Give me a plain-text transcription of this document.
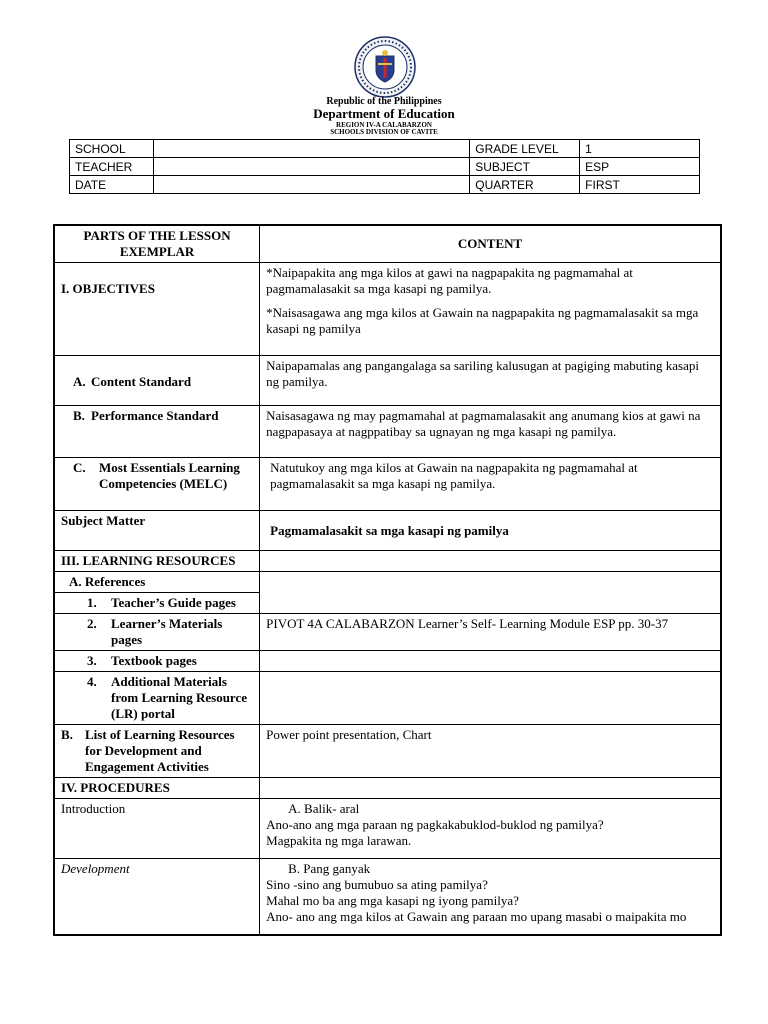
Republic of the Philippines
Department of Education
REGION IV-A CALABARZON
SCHOOLS DIVISION OF CAVITE
SCHOOL		GRADE LEVEL	1
TEACHER		SUBJECT	ESP
DATE		QUARTER	FIRST
PARTS OF THE LESSON EXEMPLAR	CONTENT
I. OBJECTIVES	*Naipapakita ang mga kilos at gawi na nagpapakita ng pagmamahal at pagmamalasakit sa mga kasapi ng pamilya.

*Naisasagawa ang mga kilos at Gawain na nagpapakita ng pagmamalasakit sa mga kasapi ng pamilya

A. Content Standard	Naipapamalas ang pangangalaga sa sariling kalusugan at pagiging mabuting kasapi ng pamilya.

B. Performance Standard	Naisasagawa ng may pagmamahal at pagmamalasakit ang anumang kios at gawi na nagpapasaya at nagppatibay sa ugnayan ng mga kasapi ng pamilya.

C. Most Essentials Learning Competencies (MELC)	Natutukoy ang mga kilos at Gawain na nagpapakita ng pagmamahal at pagmamalasakit sa mga kasapi ng pamilya.
Subject Matter	Pagmamalasakit sa mga kasapi ng pamilya
III. LEARNING RESOURCES	
A. References	

1. Teacher’s Guide pages	

2. Learner’s Materials pages	PIVOT 4A CALABARZON Learner’s Self- Learning Module ESP pp. 30-37

3. Textbook pages	

4. Additional Materials from Learning Resource (LR) portal	

B. List of Learning Resources for Development and Engagement Activities	Power point presentation, Chart
IV. PROCEDURES	
Introduction	A. Balik- aral

Ano-ano ang mga paraan ng pagkakabuklod-buklod ng pamilya?

Magpakita ng mga larawan.

Development	B. Pang ganyak

Sino -sino ang bumubuo sa ating pamilya?

Mahal mo ba ang mga kasapi ng iyong pamilya?

Ano- ano ang mga kilos at Gawain ang paraan mo upang masabi o maipakita mo
